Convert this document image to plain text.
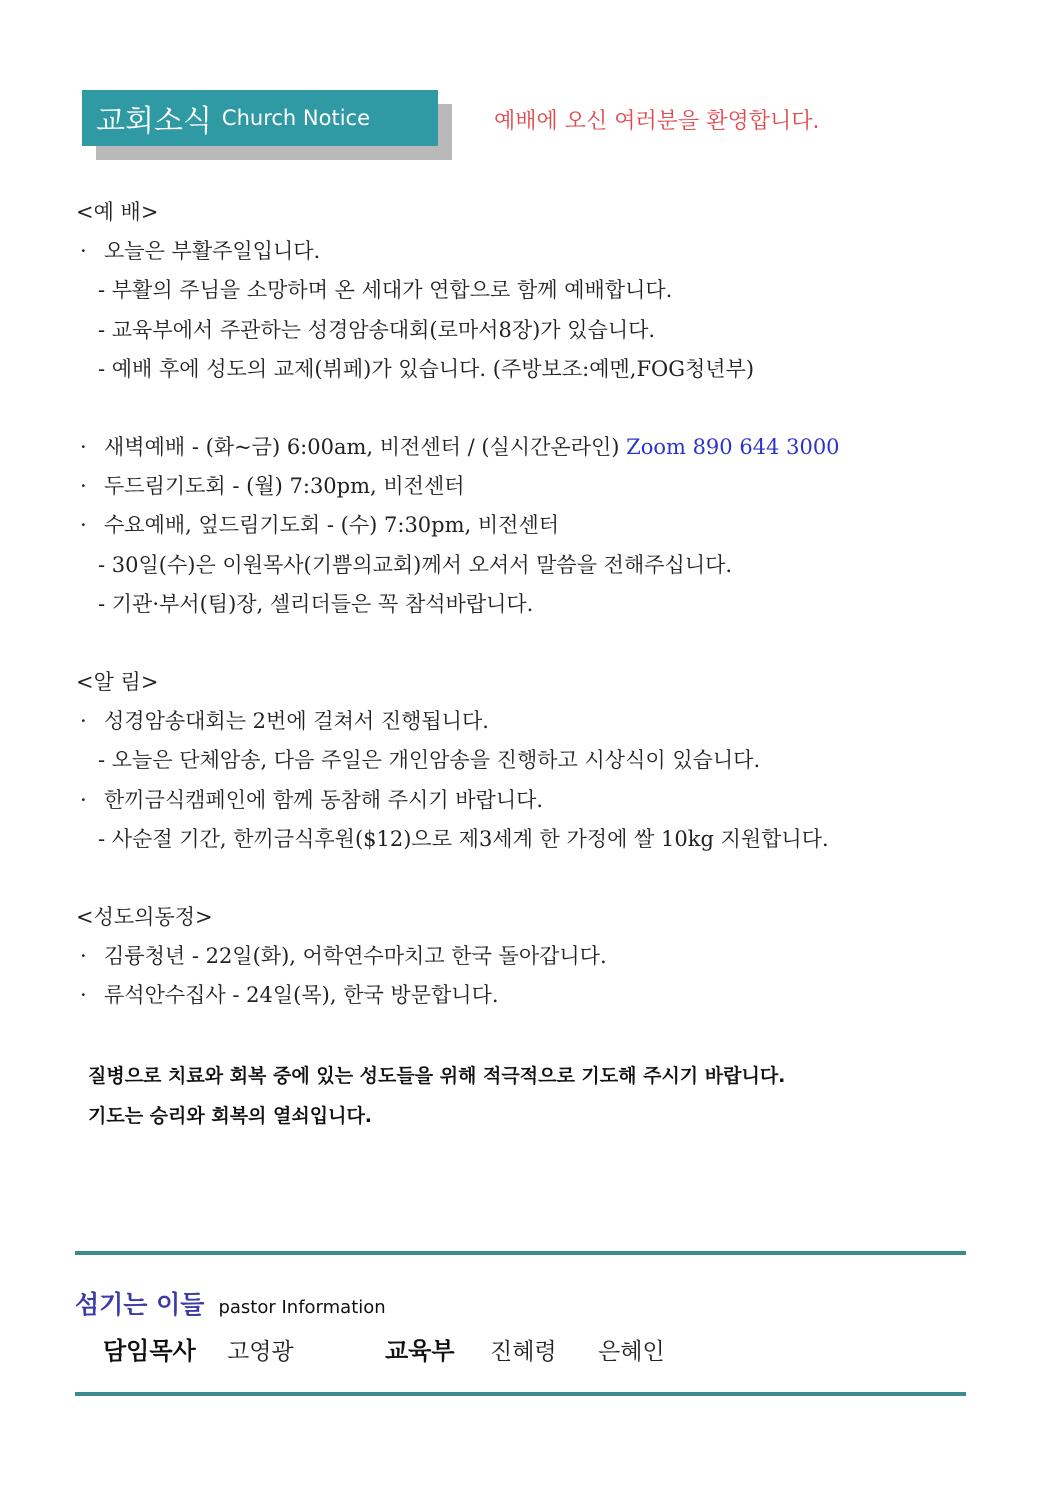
교회소식 Church Notice	예배에 오신 여러분을 환영합니다.
<예 배>
· 오늘은 부활주일입니다.
- 부활의 주님을 소망하며 온 세대가 연합으로 함께 예배합니다.
- 교육부에서 주관하는 성경암송대회(로마서8장)가 있습니다.
- 예배 후에 성도의 교제(뷔페)가 있습니다. (주방보조:예멘,FOG청년부)
· 새벽예배 - (화~금) 6:00am, 비전센터 / (실시간온라인) Zoom 890 644 3000
· 두드림기도회 - (월) 7:30pm, 비전센터
· 수요예배, 엎드림기도회 - (수) 7:30pm, 비전센터
- 30일(수)은 이원목사(기쁨의교회)께서 오셔서 말씀을 전해주십니다.
- 기관·부서(팀)장, 셀리더들은 꼭 참석바랍니다.
<알 림>
· 성경암송대회는 2번에 걸쳐서 진행됩니다.
- 오늘은 단체암송, 다음 주일은 개인암송을 진행하고 시상식이 있습니다.
· 한끼금식캠페인에 함께 동참해 주시기 바랍니다.
- 사순절 기간, 한끼금식후원($12)으로 제3세계 한 가정에 쌀 10kg 지원합니다.
<성도의동정>
· 김륭청년 - 22일(화), 어학연수마치고 한국 돌아갑니다.
· 류석안수집사 - 24일(목), 한국 방문합니다.
질병으로 치료와 회복 중에 있는 성도들을 위해 적극적으로 기도해 주시기 바랍니다.
기도는 승리와 회복의 열쇠입니다.
섬기는 이들 pastor Information
담임목사 고영광	교육부 진혜령 은혜인
